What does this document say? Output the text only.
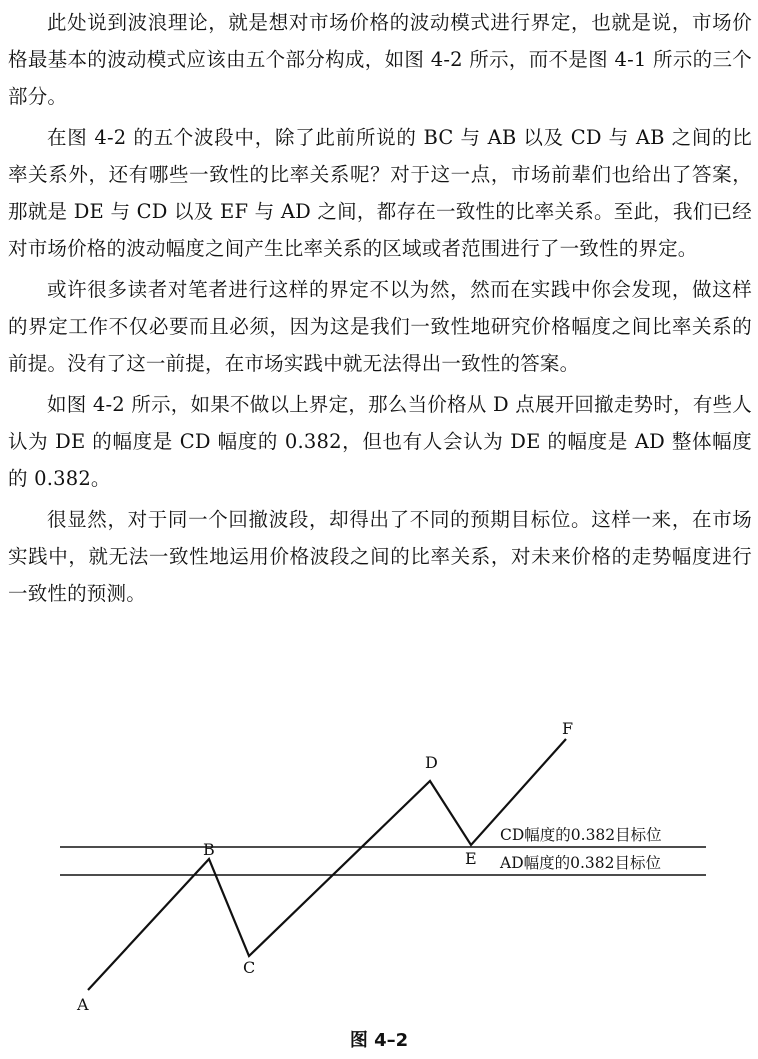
此处说到波浪理论，就是想对市场价格的波动模式进行界定，也就是说，市场价格最基本的波动模式应该由五个部分构成，如图 4-2 所示，而不是图 4-1 所示的三个部分。

在图 4-2 的五个波段中，除了此前所说的 BC 与 AB 以及 CD 与 AB 之间的比率关系外，还有哪些一致性的比率关系呢？对于这一点，市场前辈们也给出了答案，那就是 DE 与 CD 以及 EF 与 AD 之间，都存在一致性的比率关系。至此，我们已经对市场价格的波动幅度之间产生比率关系的区域或者范围进行了一致性的界定。

或许很多读者对笔者进行这样的界定不以为然，然而在实践中你会发现，做这样的界定工作不仅必要而且必须，因为这是我们一致性地研究价格幅度之间比率关系的前提。没有了这一前提，在市场实践中就无法得出一致性的答案。

如图 4-2 所示，如果不做以上界定，那么当价格从 D 点展开回撤走势时，有些人认为 DE 的幅度是 CD 幅度的 0.382，但也有人会认为 DE 的幅度是 AD 整体幅度的 0.382。

很显然，对于同一个回撤波段，却得出了不同的预期目标位。这样一来，在市场实践中，就无法一致性地运用价格波段之间的比率关系，对未来价格的走势幅度进行一致性的预测。

A
B
C
D
E
F
CD幅度的0.382目标位
AD幅度的0.382目标位
图 4–2
